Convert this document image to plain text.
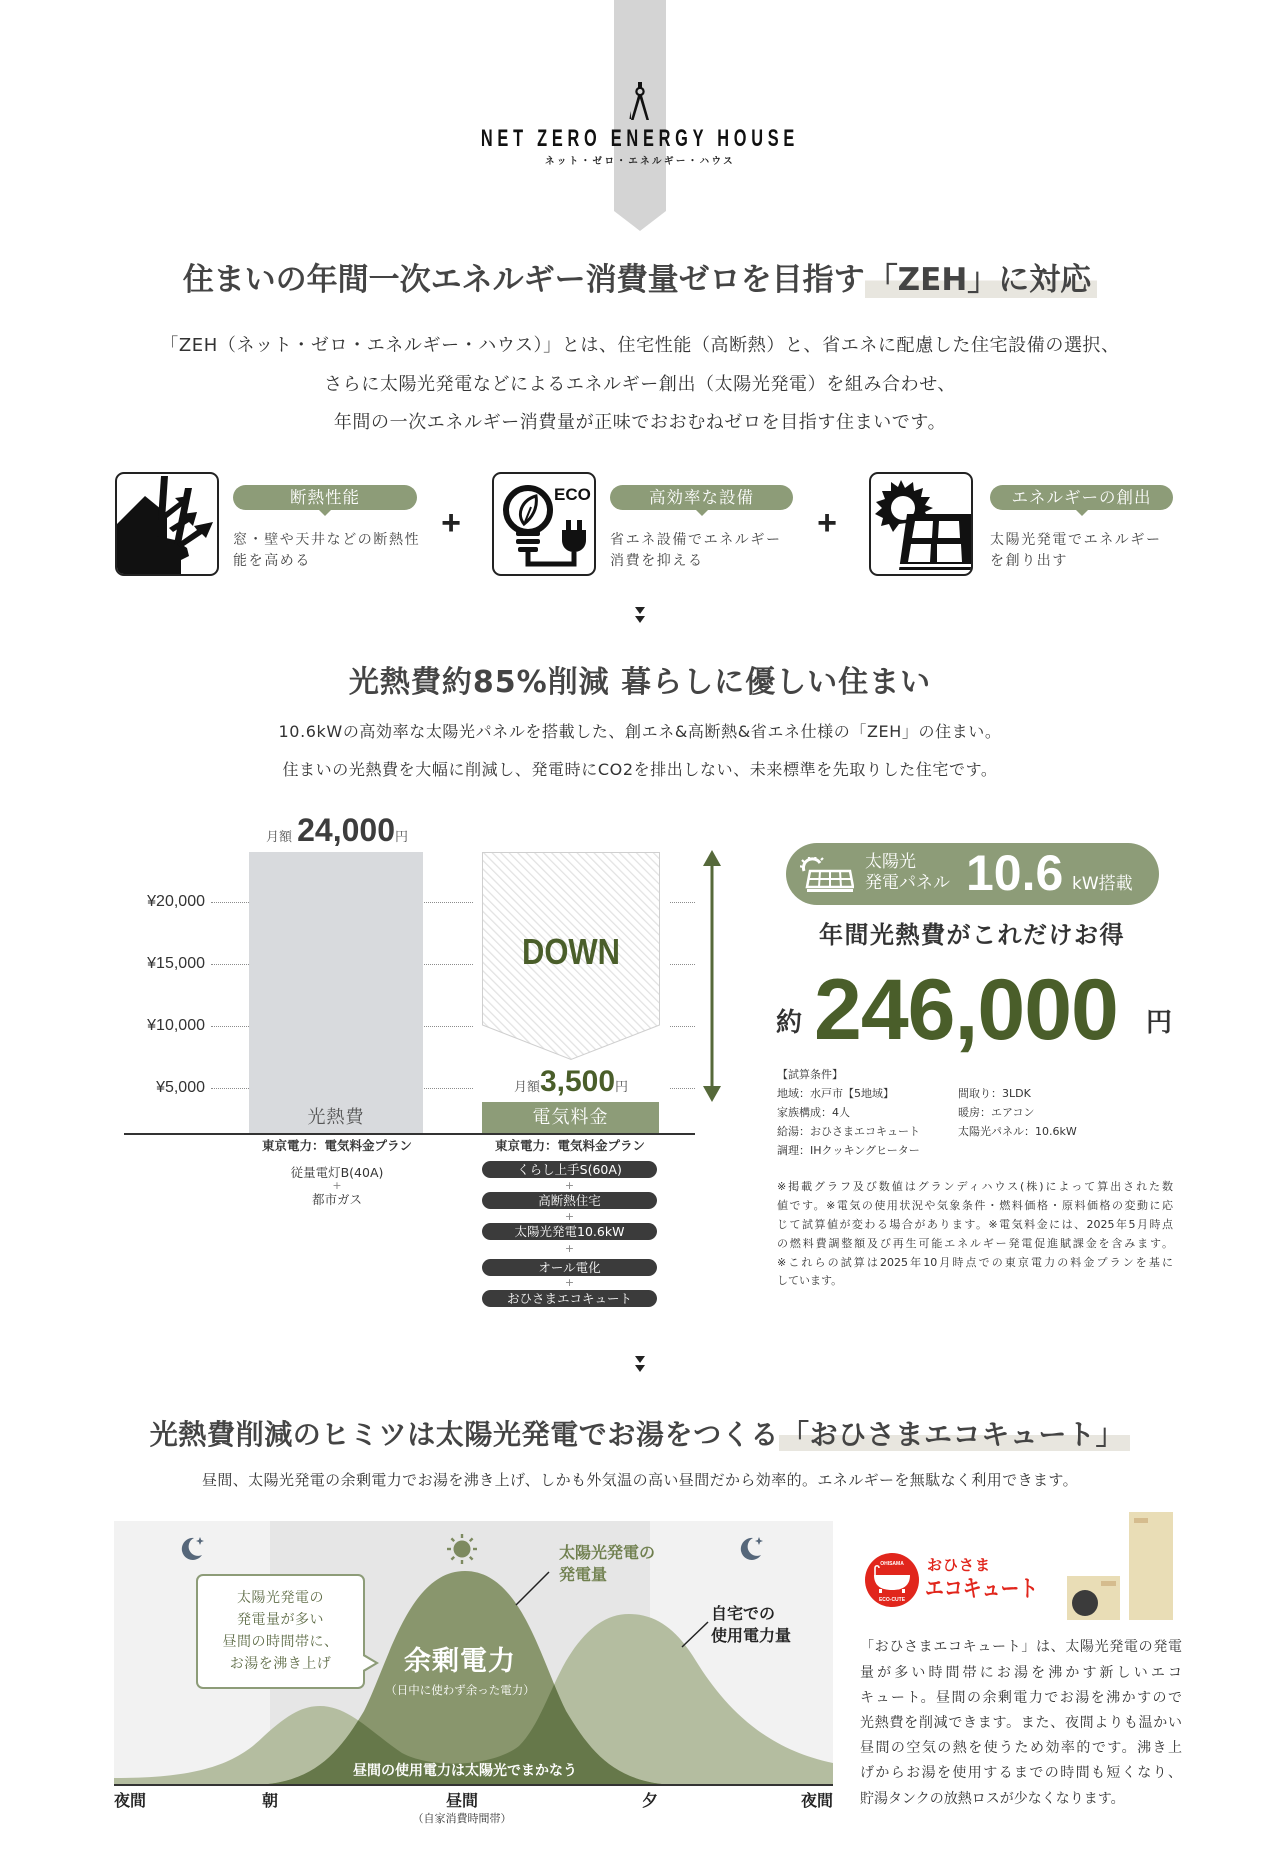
NET ZERO ENERGY HOUSE
ネット・ゼロ・エネルギー・ハウス
住まいの年間一次エネルギー消費量ゼロを目指す「ZEH」に対応
「ZEH（ネット・ゼロ・エネルギー・ハウス）」とは、住宅性能（高断熱）と、省エネに配慮した住宅設備の選択、
さらに太陽光発電などによるエネルギー創出（太陽光発電）を組み合わせ、
年間の一次エネルギー消費量が正味でおおむねゼロを目指す住まいです。
断熱性能
窓・壁や天井などの断熱性
能を高める
+
ECO	高効率な設備
省エネ設備でエネルギー
消費を抑える
+
エネルギーの創出
太陽光発電でエネルギー
を創り出す
光熱費約85%削減 暮らしに優しい住まい
10.6kWの高効率な太陽光パネルを搭載した、創エネ&高断熱&省エネ仕様の「ZEH」の住まい。
住まいの光熱費を大幅に削減し、発電時にCO2を排出しない、未来標準を先取りした住宅です。
¥20,000
¥15,000
¥10,000
¥5,000
月額 24,000円
光熱費
DOWN
月額3,500円
電気料金
東京電力：電気料金プラン
従量電灯B(40A)
+
都市ガス
東京電力：電気料金プラン
くらし上手S(60A)
+
高断熱住宅
+
太陽光発電10.6kW
+
オール電化
+
おひさまエコキュート
太陽光
発電パネル 10.6 kW搭載
年間光熱費がこれだけお得
約 246,000 円
【試算条件】
地域：水戸市【5地域】	間取り：3LDK
家族構成：4人	暖房：エアコン
給湯：おひさまエコキュート	太陽光パネル：10.6kW
調理：IHクッキングヒーター
※掲載グラフ及び数値はグランディハウス(株)によって算出された数
値です。※電気の使用状況や気象条件・燃料価格・原料価格の変動に応
じて試算値が変わる場合があります。※電気料金には、2025年5月時点
の燃料費調整額及び再生可能エネルギー発電促進賦課金を含みます。
※これらの試算は2025年10月時点での東京電力の料金プランを基に
しています。
光熱費削減のヒミツは太陽光発電でお湯をつくる「おひさまエコキュート」
昼間、太陽光発電の余剰電力でお湯を沸き上げ、しかも外気温の高い昼間だから効率的。エネルギーを無駄なく利用できます。
太陽光発電の
発電量
自宅での
使用電力量
太陽光発電の
発電量が多い
昼間の時間帯に、
お湯を沸き上げ	余剰電力
（日中に使わず余った電力）
昼間の使用電力は太陽光でまかなう
夜間	朝	昼間	夕	夜間
（自家消費時間帯）
OHISAMA
ECO-CUTE
おひさま
エコキュート
「おひさまエコキュート」は、太陽光発電の発電
量が多い時間帯にお湯を沸かす新しいエコ
キュート。昼間の余剰電力でお湯を沸かすので
光熱費を削減できます。また、夜間よりも温かい
昼間の空気の熱を使うため効率的です。沸き上
げからお湯を使用するまでの時間も短くなり、
貯湯タンクの放熱ロスが少なくなります。
